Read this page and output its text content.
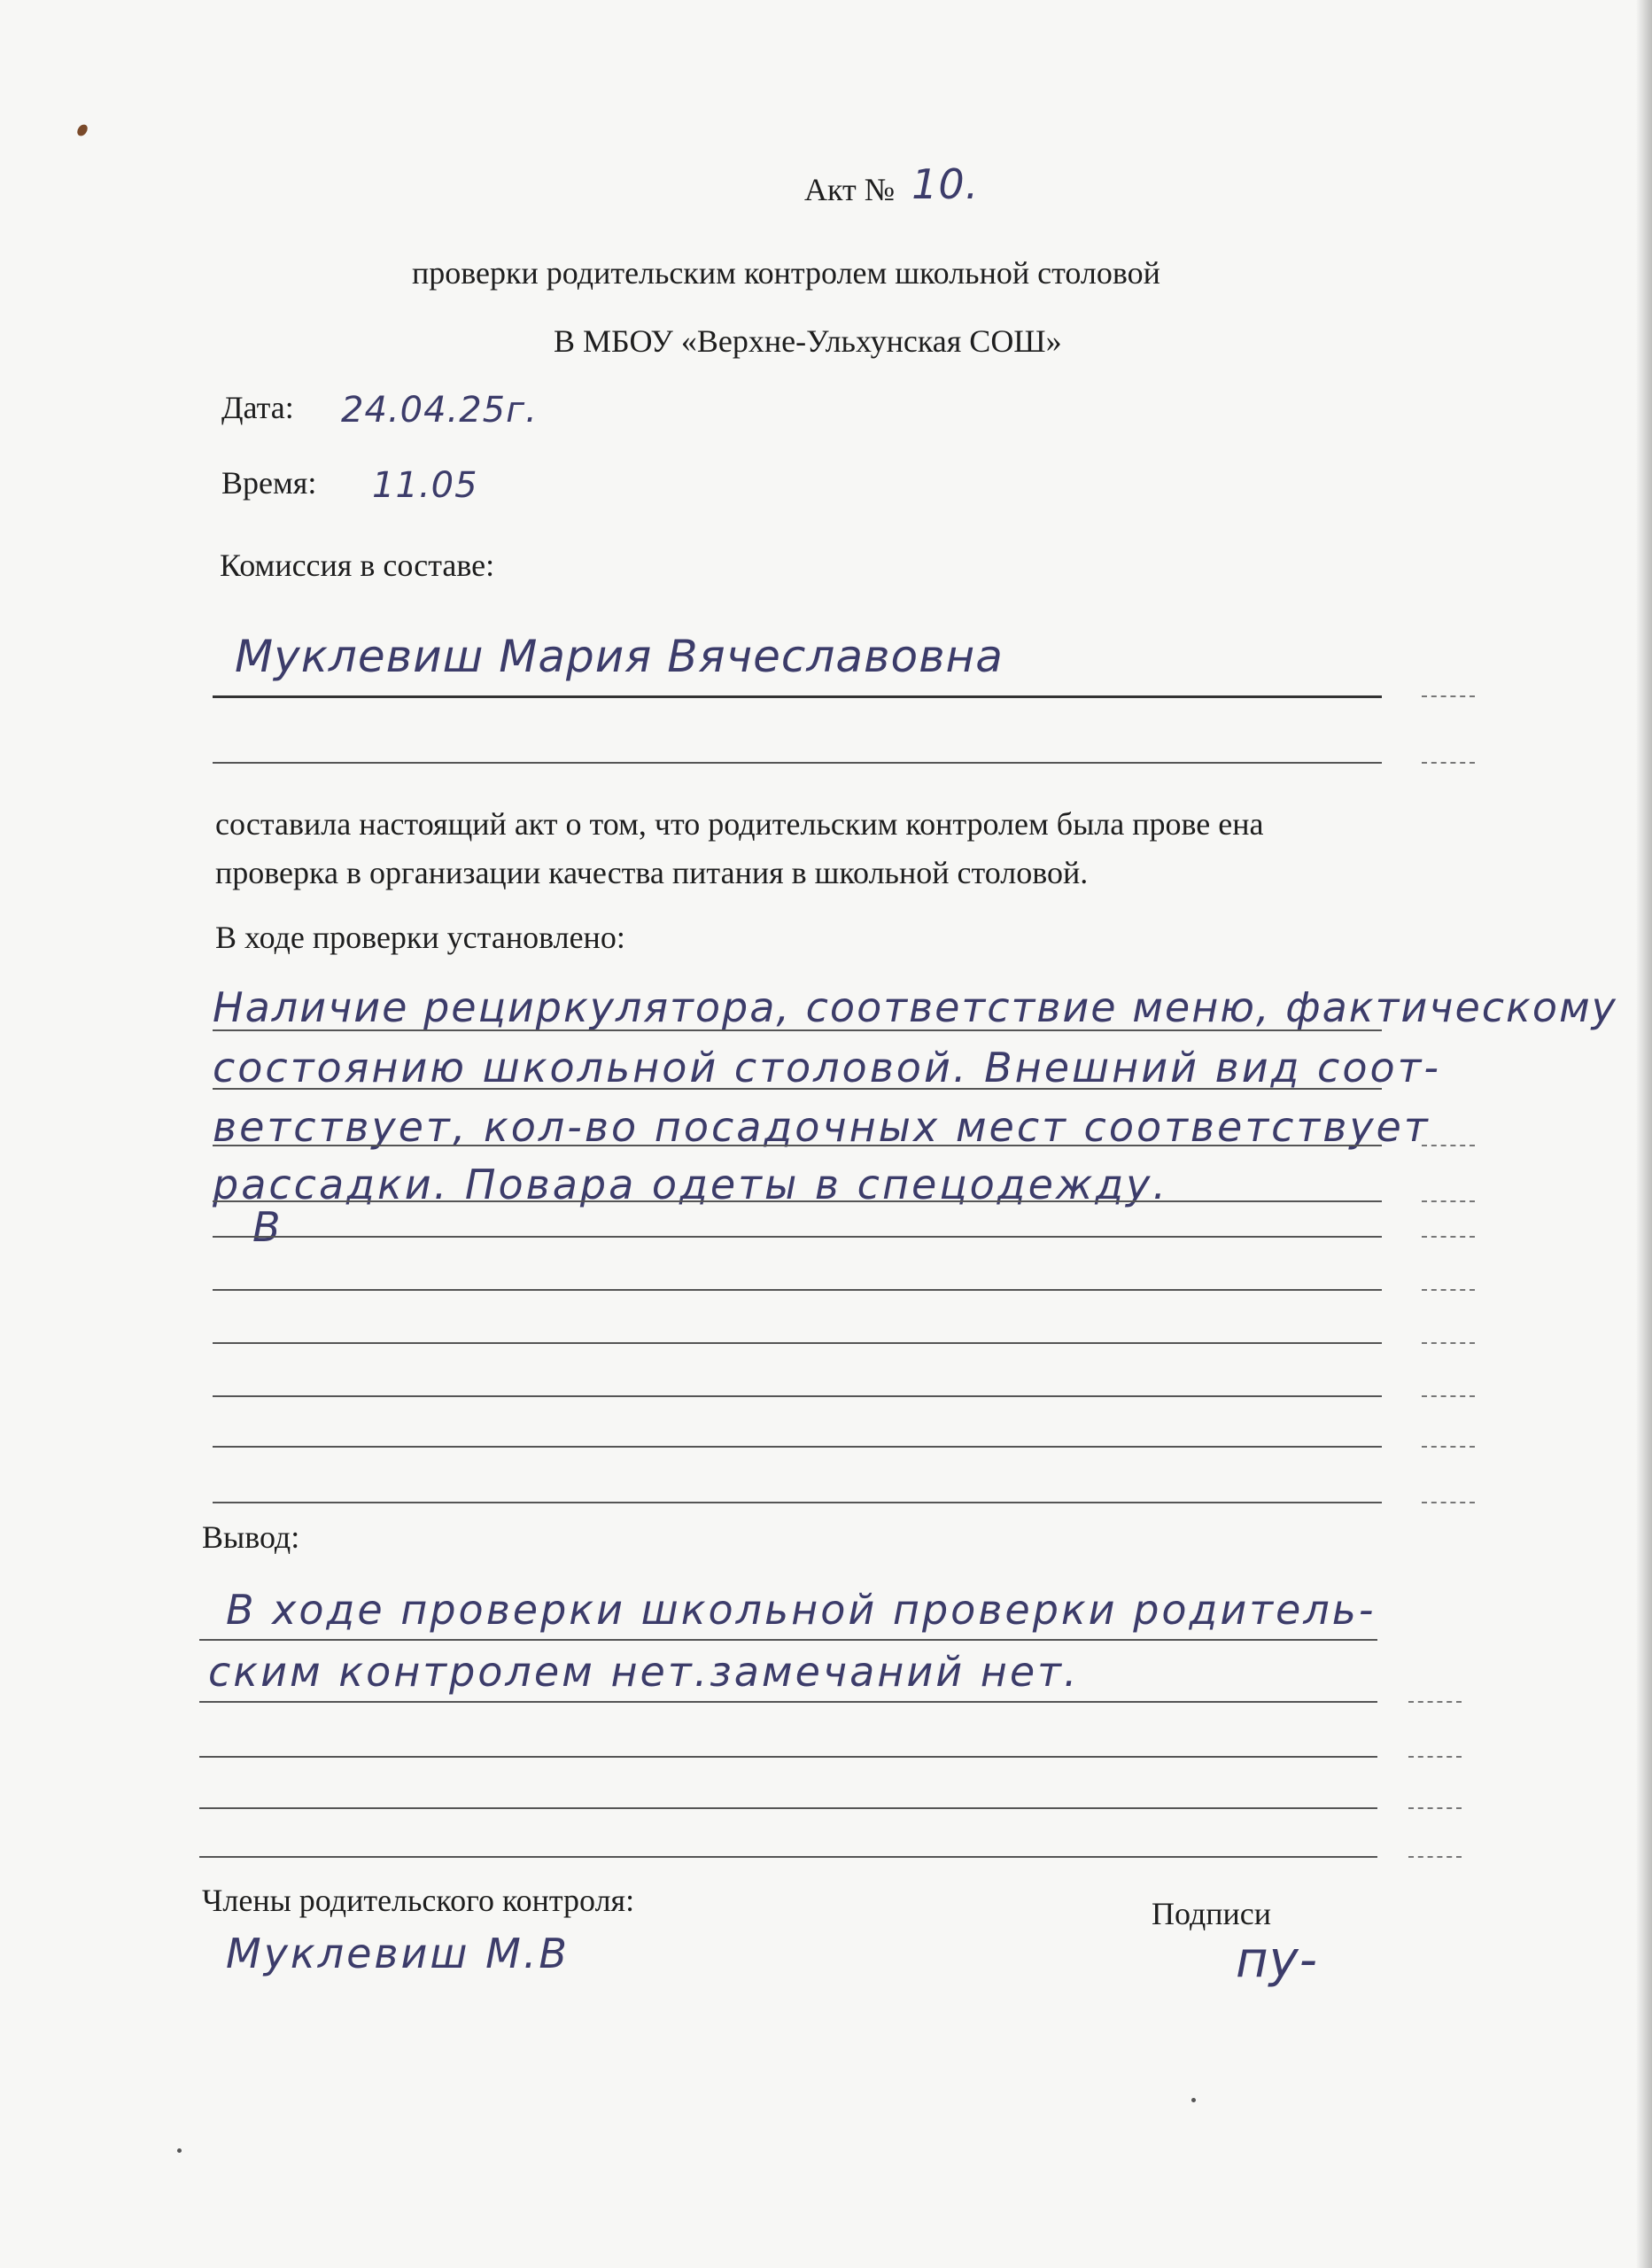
Акт № 10.
проверки родительским контролем школьной столовой
В МБОУ «Верхне-Ульхунская СОШ»
Дата: 24.04.25г.
Время: 11.05
Комиссия в составе:
Муклевиш Мария Вячеславовна
составила настоящий акт о том, что родительским контролем была прове ена
проверка в организации качества питания в школьной столовой.
В ходе проверки установлено:
Наличие рециркулятора, соответствие меню, фактическому
состоянию школьной столовой. Внешний вид соот-
ветствует, кол-во посадочных мест соответствует
рассадки. Повара одеты в спецодежду.
В
Вывод:
В ходе проверки школьной проверки родитель-
ским контролем нет.замечаний нет.
Члены родительского контроля:	Подписи
Муклевиш М.В	пу-
